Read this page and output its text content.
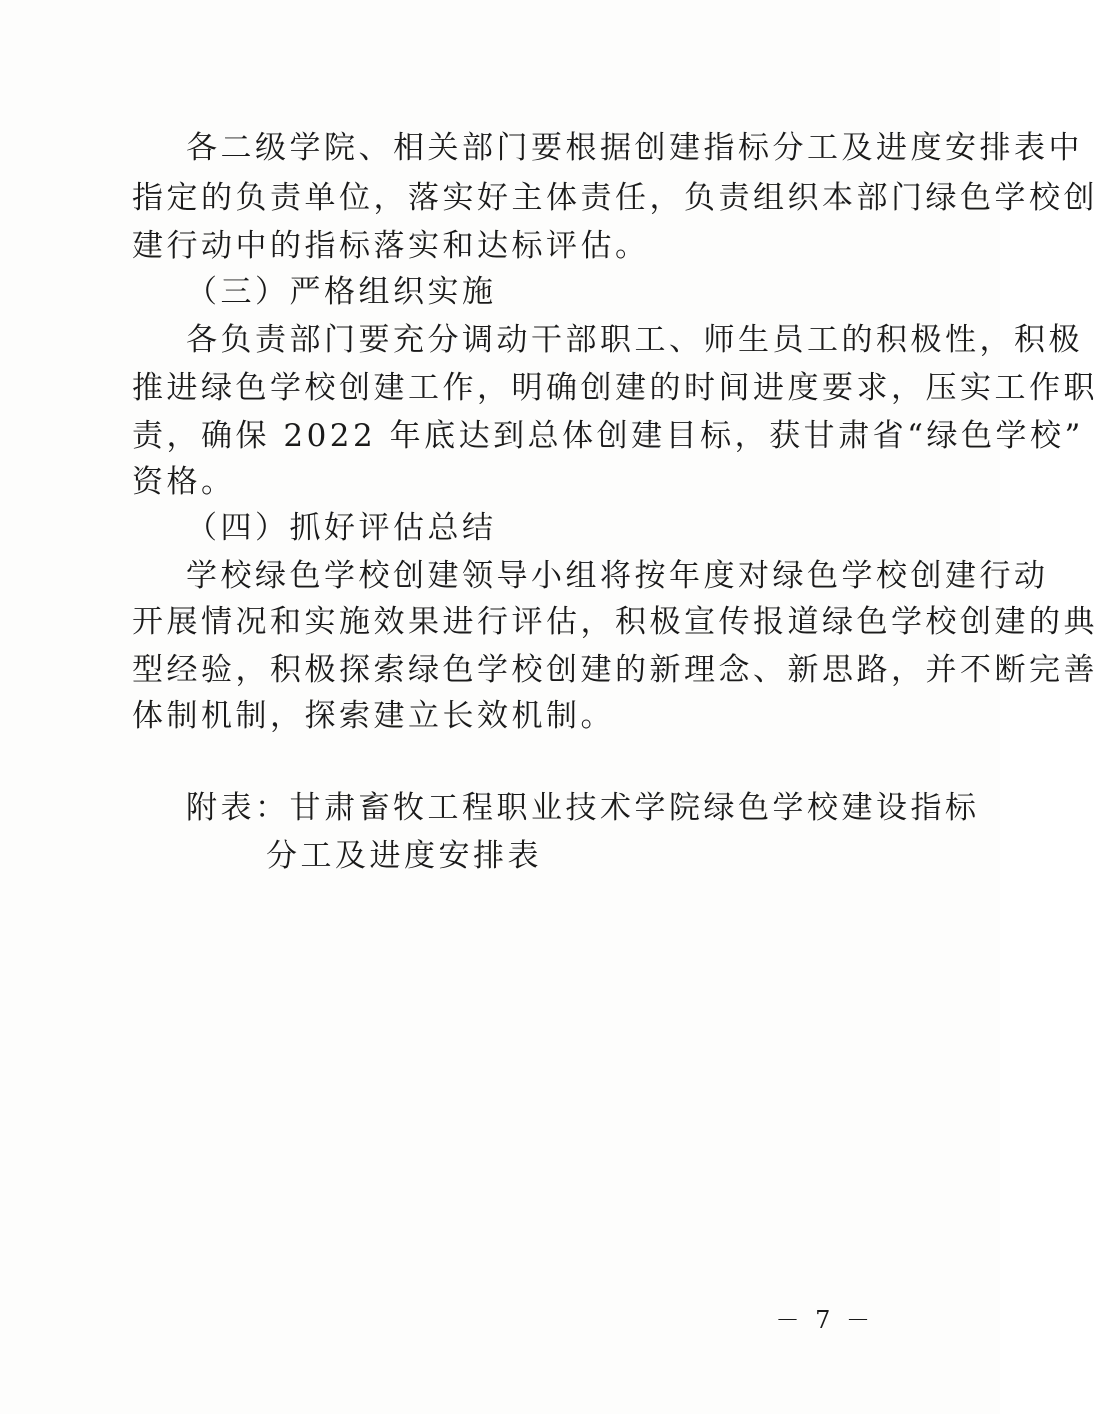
各二级学院、相关部门要根据创建指标分工及进度安排表中
指定的负责单位，落实好主体责任，负责组织本部门绿色学校创
建行动中的指标落实和达标评估。
（三）严格组织实施
各负责部门要充分调动干部职工、师生员工的积极性，积极
推进绿色学校创建工作，明确创建的时间进度要求，压实工作职
责，确保 2022 年底达到总体创建目标，获甘肃省“绿色学校”
资格。
（四）抓好评估总结
学校绿色学校创建领导小组将按年度对绿色学校创建行动
开展情况和实施效果进行评估，积极宣传报道绿色学校创建的典
型经验，积极探索绿色学校创建的新理念、新思路，并不断完善
体制机制，探索建立长效机制。
附表：甘肃畜牧工程职业技术学院绿色学校建设指标
分工及进度安排表
－ 7 －
